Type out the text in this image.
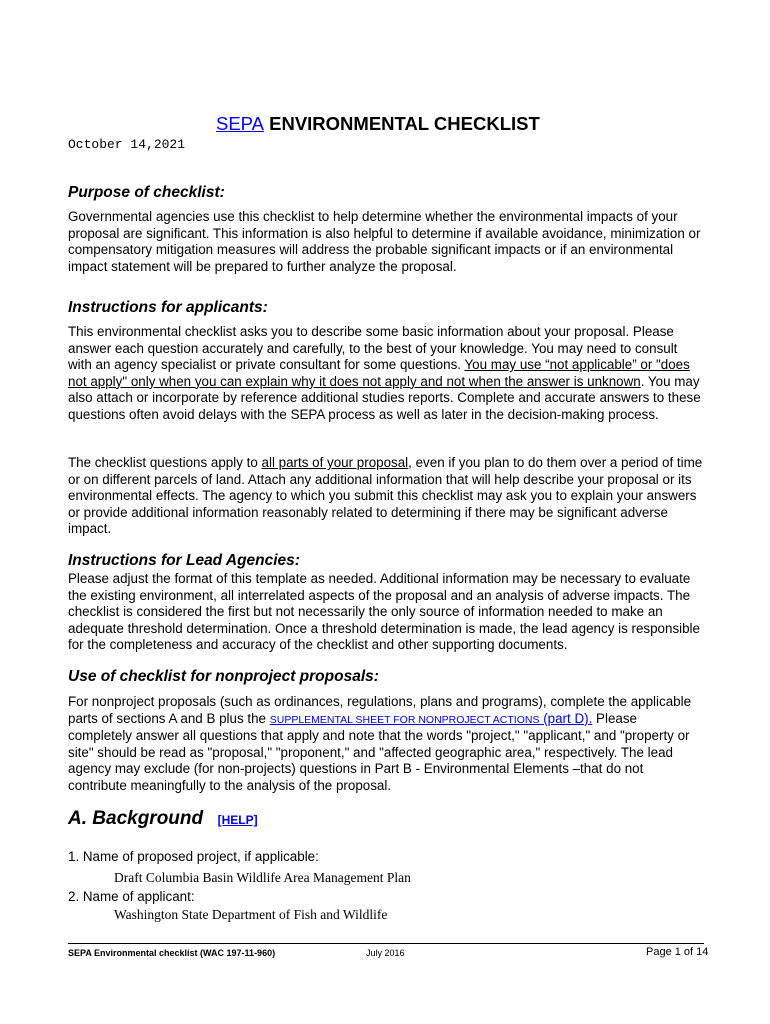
SEPA ENVIRONMENTAL CHECKLIST
October 14,2021
Purpose of checklist:
Governmental agencies use this checklist to help determine whether the environmental impacts of your proposal are significant. This information is also helpful to determine if available avoidance, minimization or compensatory mitigation measures will address the probable significant impacts or if an environmental impact statement will be prepared to further analyze the proposal.
Instructions for applicants:
This environmental checklist asks you to describe some basic information about your proposal. Please answer each question accurately and carefully, to the best of your knowledge. You may need to consult with an agency specialist or private consultant for some questions. You may use “not applicable” or "does not apply" only when you can explain why it does not apply and not when the answer is unknown. You may also attach or incorporate by reference additional studies reports. Complete and accurate answers to these questions often avoid delays with the SEPA process as well as later in the decision-making process.
The checklist questions apply to all parts of your proposal, even if you plan to do them over a period of time or on different parcels of land. Attach any additional information that will help describe your proposal or its environmental effects. The agency to which you submit this checklist may ask you to explain your answers or provide additional information reasonably related to determining if there may be significant adverse impact.
Instructions for Lead Agencies:
Please adjust the format of this template as needed. Additional information may be necessary to evaluate the existing environment, all interrelated aspects of the proposal and an analysis of adverse impacts. The checklist is considered the first but not necessarily the only source of information needed to make an adequate threshold determination. Once a threshold determination is made, the lead agency is responsible for the completeness and accuracy of the checklist and other supporting documents.
Use of checklist for nonproject proposals:
For nonproject proposals (such as ordinances, regulations, plans and programs), complete the applicable parts of sections A and B plus the SUPPLEMENTAL SHEET FOR NONPROJECT ACTIONS (part D). Please completely answer all questions that apply and note that the words "project," "applicant," and "property or site" should be read as "proposal," "proponent," and "affected geographic area," respectively. The lead agency may exclude (for non-projects) questions in Part B - Environmental Elements –that do not contribute meaningfully to the analysis of the proposal.
A. Background [HELP]
1. Name of proposed project, if applicable:
Draft Columbia Basin Wildlife Area Management Plan
2. Name of applicant:
Washington State Department of Fish and Wildlife
SEPA Environmental checklist (WAC 197-11-960)	July 2016	Page 1 of 14
